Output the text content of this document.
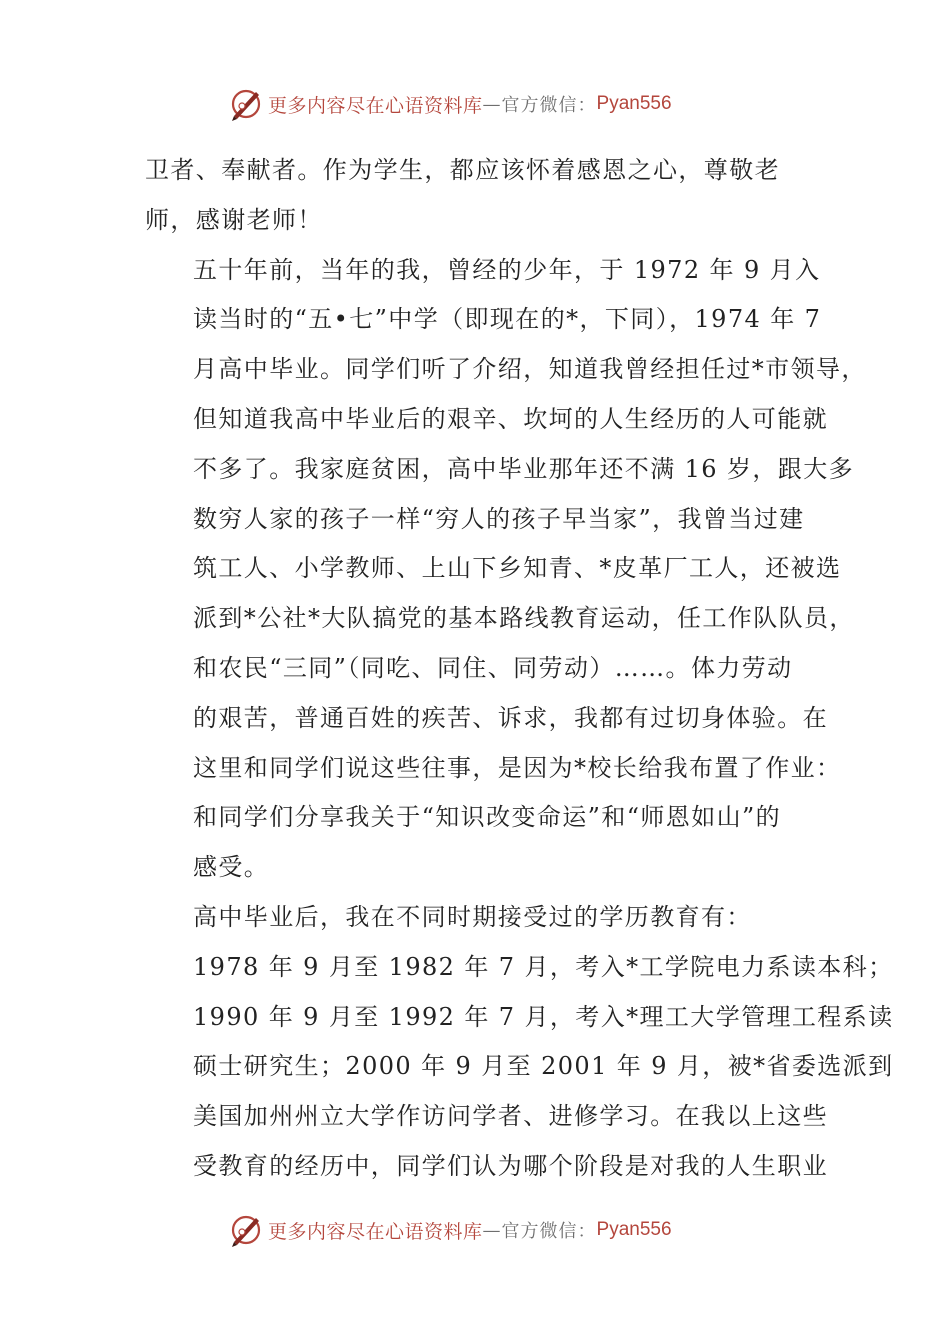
更多内容尽在心语资料库 — 官方微信： Pyan556

卫者、奉献者。作为学生，都应该怀着感恩之心，尊敬老
师，感谢老师！

五十年前，当年的我，曾经的少年，于 1972 年 9 月入
读当时的“五•七”中学（即现在的*，下同），1974 年 7
月高中毕业。同学们听了介绍，知道我曾经担任过*市领导，
但知道我高中毕业后的艰辛、坎坷的人生经历的人可能就
不多了。我家庭贫困，高中毕业那年还不满 16 岁，跟大多
数穷人家的孩子一样“穷人的孩子早当家”，我曾当过建
筑工人、小学教师、上山下乡知青、*皮革厂工人，还被选
派到*公社*大队搞党的基本路线教育运动，任工作队队员，
和农民“三同”（同吃、同住、同劳动）……。体力劳动
的艰苦，普通百姓的疾苦、诉求，我都有过切身体验。在
这里和同学们说这些往事，是因为*校长给我布置了作业：
和同学们分享我关于“知识改变命运”和“师恩如山”的
感受。

高中毕业后，我在不同时期接受过的学历教育有：
1978 年 9 月至 1982 年 7 月，考入*工学院电力系读本科；
1990 年 9 月至 1992 年 7 月，考入*理工大学管理工程系读
硕士研究生；2000 年 9 月至 2001 年 9 月，被*省委选派到
美国加州州立大学作访问学者、进修学习。在我以上这些
受教育的经历中，同学们认为哪个阶段是对我的人生职业

更多内容尽在心语资料库 — 官方微信： Pyan556
